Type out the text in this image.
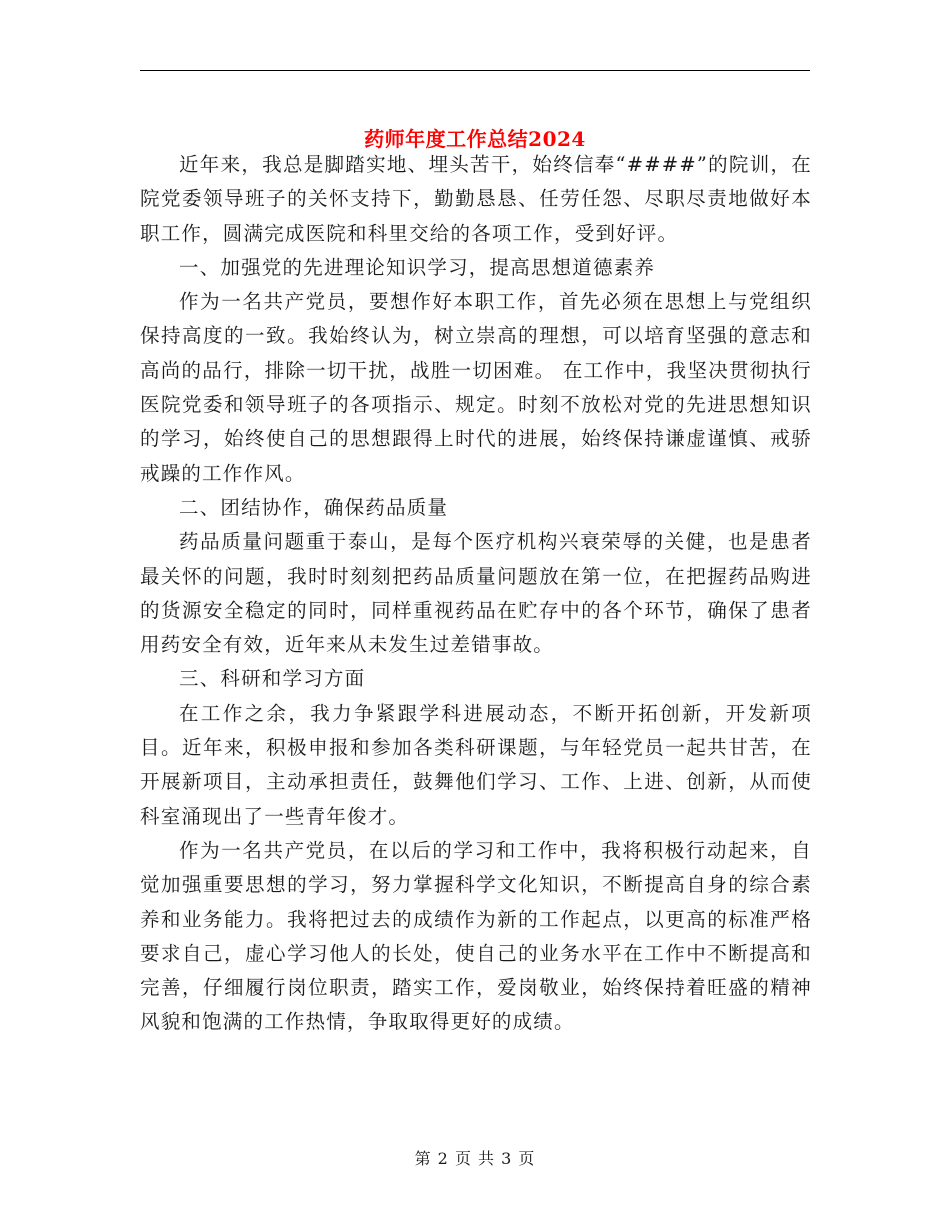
药师年度工作总结2024

近年来，我总是脚踏实地、埋头苦干，始终信奉“####”的院训，在院党委领导班子的关怀支持下，勤勤恳恳、任劳任怨、尽职尽责地做好本职工作，圆满完成医院和科里交给的各项工作，受到好评。

一、加强党的先进理论知识学习，提高思想道德素养

作为一名共产党员，要想作好本职工作，首先必须在思想上与党组织保持高度的一致。我始终认为，树立崇高的理想，可以培育坚强的意志和高尚的品行，排除一切干扰，战胜一切困难。 在工作中，我坚决贯彻执行医院党委和领导班子的各项指示、规定。时刻不放松对党的先进思想知识的学习，始终使自己的思想跟得上时代的进展，始终保持谦虚谨慎、戒骄戒躁的工作作风。

二、团结协作，确保药品质量

药品质量问题重于泰山，是每个医疗机构兴衰荣辱的关健，也是患者最关怀的问题，我时时刻刻把药品质量问题放在第一位，在把握药品购进的货源安全稳定的同时，同样重视药品在贮存中的各个环节，确保了患者用药安全有效，近年来从未发生过差错事故。

三、科研和学习方面

在工作之余，我力争紧跟学科进展动态，不断开拓创新，开发新项目。近年来，积极申报和参加各类科研课题，与年轻党员一起共甘苦，在开展新项目，主动承担责任，鼓舞他们学习、工作、上进、创新，从而使科室涌现出了一些青年俊才。

作为一名共产党员，在以后的学习和工作中，我将积极行动起来，自觉加强重要思想的学习，努力掌握科学文化知识，不断提高自身的综合素养和业务能力。我将把过去的成绩作为新的工作起点，以更高的标准严格要求自己，虚心学习他人的长处，使自己的业务水平在工作中不断提高和完善，仔细履行岗位职责，踏实工作，爱岗敬业，始终保持着旺盛的精神风貌和饱满的工作热情，争取取得更好的成绩。

第 2 页 共 3 页
